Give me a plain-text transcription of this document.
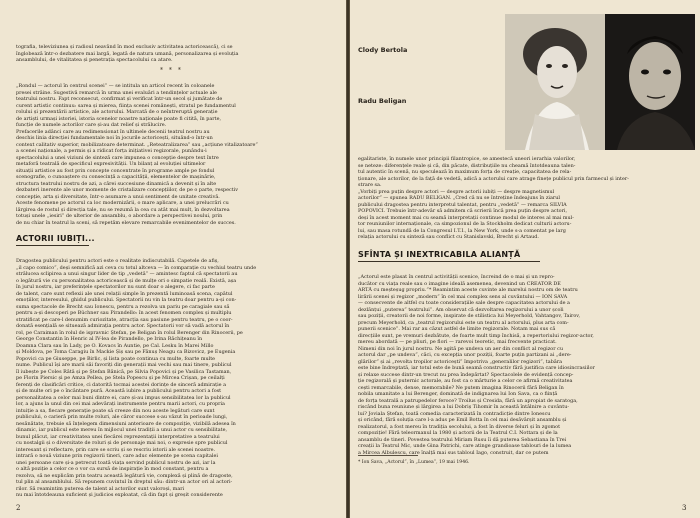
tografia, televiziunea și radioul neavând în mod exclusiv activitatea actoricească), ci se
înglobează într-o dezbatere mai largă, legată de natura umană, personalizarea și evoluția
ansamblului, de vitalitatea și penetrația spectacolului ca atare.
* * *
„Rondul — actorul în centrul scenei” — se intitula un articol recent în coloanele
presei străine. Sugestivă remarcă în urma unei evaluări a tendințelor actuale ale
teatrului nostru. Fapt reconsecut, confirmat și verificat într-un secol și jumătate de
curent artistic continuu: sarea și mierea, ființa scenei românești, stratul pe fundamentul
rolului și prezentării artistice, ale actorului. Marcată de o neîntreruptă generație
de artiști urmași istoriei, istoria scenelor noastre naționale poate fi citită, în parte,
funcție de numele actorilor care și-au dat relief și strălucire.
Prefacerile adânci care au redimensionat în ultimele decenii teatrul nostru au
deschis linia direcției fundamentale noi în jocurile actoricești, situând-o într-un
context calitativ superior, mobilizatoare determinat. „Reteatralizarea” sau „acțiune vitalizatoare”
a scenei naționale, a permis și a ridicat forța inițiativei regizorale, punându-i
spectacolului a unei viziuni de sinteză care impunea o concepție despre text între
metaforă teatrală de specificul expresivității. Un bilanț al evoluției ultimelor
situații artistice au fost prin concepte concentrate în programe ample pe fondul
scenografie, o cunoaștere cu consecință a capacității, elementelor de mașinărie,
structura teatrului nostru de azi, a cărei succesiune dinamică a devenit și în alte
dezbateri inerente ale unor momente de cristalizare concepțiilor, de pe o parte, respectiv
concepție, arta și diversitate, într-o asumare a unui sentiment de unitate creativă.
Aceste fenomene pe actorul ca loc modernizării, o mare aplicare, a unei prelucrări cu
lărgirea de rostul și direcția tale, nu se rezumă la cea cu atât mai mult, în dezvoltarea
totuși unele „iesiri” de ulterior de ansamblu, o abordare a perspectivei noului, prin
de nu chiar în teatrul la sceni, să repetăm elevare remarcabile evenimentelor de succes.
ACTORII IUBIȚI...
Dragostea publicului pentru actori este o realitate indiscutabilă. Capetele de afiș,
„il capo comico”, deși semnifică azi ceva cu totul altceva — în comparație cu vechiul teatru unde
strălucea sclipirea a unui singur lider de tip „vedetă” — amintesc faptul că spectatorii au
o legătură vie cu personalitatea actoricească și de mulțe ori o simpatie reală. Există, așa
în jurul nostru, iar preferințele spectatorilor nu sunt doar o alegere, ci fac parte
de talent, care sunt reflexii ale unei relații simple în prezentă luminoasă scena, capătul
emoțiilor, interesului, ghidul publicului. Spectatorii nu vin la teatru doar pentru a-și con-
suma spectacole de Brecht sau Ionescu, pentru a rezolva un pariu pe caragiale sau să
pentru a-și descoperi pe Büchner sau Pirandello: în acest fenomen complex și multiplu
stratificat pe care-l denumim curiozitate, atracția sau pasiune pentru teatru, pe o coor-
donată esențială se situează admirația pentru actor. Spectatorii vor să vadă actorul în
rol, pe Caraiman în rolul de ispravnic Ștefan, pe Beligan în rolul Berenger din Rinocerii, pe
George Constantin în Henric al IV-lea de Pirandello, pe Irina Răchițeanu în
Doamna Clara sau în Lady, pe O. Kovacs în Auntie, pe Cal. Lesku în Marei Millo
și Moldova, pe Toma Caragiu în Mackie Șiș sau pe Fănuș Neagu ca Bizovicz, pe Eugenia
Popovici ca pe Giuseppe, pe Birlic, și lista poate continua cu multe, foarte multe
nume. Publicul își are marii săi favoriți din generații mai vechi sau mai tinere, publicul
îl iubește pe Coles Rătâ și pe Ștefan Bănică, pe Silvia Popovici și pe Vasilica Tastaman,
pe Florin Piersic și pe Amza Pellea, pe Stela Popescu și pe Mircea Crișan, pe ceilalți
ferenți de clasificări critice, ci datorită tocmai acestei dorințe de sinceră admirație a
și de multe ori pe o încântare pură. Această iubire a publicului pentru actori a fost
personalitatea a celor mai buni dintre ei, care și-au impus sensibilitatea lor la publicul
lor, a ajuns la unul din cei mai adevărați instrumente pentru marii actori, cu propria
intuiție a sa, fiecare generație poate să creeze din nou aceste legături care sunt
publicului, o carieră prin multe roluri, ale căror succese s-au văzut în perioade lungi,
nesănătate, trebuie să înțelegem dimensiuni anterioare de compoziție, vizibilă adesea în
dinamic, iar publicul este mereu în mijlocul unei tradiții a unui actor cu sensibilitate,
bunul plăcut, iar creativitatea unei fiecărei reprezentații interpretative a teatrului
cu nostalgii și o diversitate de roluri și de personaje mai noi, o expresie spre publicul
interesant și reflectare, prin care se scriu și se rescriu istorii ale scenei noastre.
intrară o nouă viziune prin regizorii tineri, care aduc elemente pe scena capitalei
unei persoane care și-a petrecut toată viața servind publicul nostru de azi, iar la
o altă poziție a celor ce o vor ca sursă de inspirație în mod constant, pentru a
rezolva, să ne explicăm prin teatru această legătură vie, complexă și plină de dragoste,
tul plin al ansamblului. Să repunem cuvintul în dreptul său: dintr-un actor ori al actori-
rilor. Să reamintim puterea de talent al actorilor sunt valoroși, mari
nu mai întotdeauna suficient și judicios exploatat, că din fapt și greșit considerente
2
Clody Bertola
Radu Beligan
egalitariste, în numele unor principii filantropice, se amestecă uneori ierarhia valorilor,
se neteze: diferențele reale și că, din păcate, distribuțiile nu cheamă întotdeauna talen-
tul autentic în scenă, nu speculează în maximum forța de creație, capacitatea de rela-
ționare, ale actorilor, de la față de vedetă, adică a actorului care atrage finețe publicul prin farmecul și inter-
strare sa.
„Vorbiți prea puțin despre actori — despre actorii iubiți — despre magnetismul
actorilor” — spunea RADU BELIGAN. „Cred că nu se întreține îndeajuns în ziarul
publicului dragostea pentru interpretul talentat, pentru „vedetă” — remarca SILVIA
POPOVICI. Trebuie într-adevăr să admitem că scrierii încă prea puțin despre actori,
deși în acest moment mai cu seamă interpretații continue modul de interes al mai mul-
tor reuniunilor internaționale, ca simpozionul de la Stockholm dedicat culturii actoru-
lui, sau masa rotundă de la Congresul I.T.I., la New York, unde s-a comentat pe larg
relația actorului cu sinteză sau conflict cu Stanislavski, Brecht și Artaud.
SFÎNTA ȘI INEXTRICABILA ALIANȚĂ
„Actorul este plasat în centrul activității scenice, încreind de o mai și un repro-
ducător cu viața reale sau o imagine ideală asemenea, devenind un CREATOR DE
ARTĂ cu meșteșug propriu.”* Reamintim aceste cuvinte ale marelui nostru om de teatru
lirării scenei și regizor „modern” în cel mai complex sens al cuvântului — ION SAVA
— consecvente de altfel cu toate considerațiile sale despre capacitatea actorului de a
dezlănțui „puterea” teatrului”. Am observat că dezvoltarea regizorului a unor școli
sau poziții, creatorii de noi forme, inspirate de stilistica lui Meyerhold, Vahtangov, Tairov,
precum Meyerhold, ca „teatrul regizorului este un teatru al actorului, plus arta com-
punerii scenice”. Mai rar au căzut astfel de limite regizorale. Notam mai sus că
direcțiile sunt, pe vremuri dezbătute, de foarte mult timp închisă, a repertoriului regizor-actor,
mereu abordată — pe pliuri, pe flori — rarevoi teoretic, mai frecvente practicat.
Nimeni din noi în jurul nostru. Ne agită pe undeva un aer din conflict al regizor cu
actorul dar „pe undeva”, căci, cu excepția unor poziții, foarte puțin partizani ai „dere-
glărilor” și ai „revolta tropilor actoricești” împotriva „generalilor regizori”, tabăra
este bine îndreptată, iar totul este de bună seamă constructiv fără justifica care idiosincrasiilor
și relaxe succese dintr-un trecut nu prea îndepărtat? Spectacolele de evidență concep-
ție regizorală și puternic actorale, au fost ca o mărturie a celor ce afirmă creativitatea
cești remarcabile, dense, memorabile? Ne putem imagina Rinocerii fără Beligan în
nobila umanitate a lui Berenger, dominată de indignarea lui Ion Sava, ca o ființă
de forța teatrală a patrupedelor feroce? Troilus și Cresida, fără un apropiat de saratoga,
riscând buna reuniune și lărgirea a lui Dobriș Tihomir în această întâlnire a cuvântu-
lui? Joviala Ștefan, toată comedia caracterizată în contradicție dintre Ionescu
și oricând, fără soluția care l-a adus pe Emil Botta în cel mai desăvârșit ansamblu și
realizatorul, a fost mereu în tradiția secolului, a fost în diverse feluri și în zgomot
compoziție! Fără teleormanul la 1980 și actorii de la Teatrul C.I. Nottara și de la
ansamblu de tineri. Povestea teatrului Miriam Rusu îi dă puterea Sebastiana în Trei
creații la Teatrul Mic, unde Gina Patrichi, care atinge grandioase tablouri de la lumea
a Mircea Albulescu, care înalță mai sus tabloul Iago, construit, dar ce putem
* Ion Sava, „Actorul”, în „Lumea”, 19 mai 1946.
3
